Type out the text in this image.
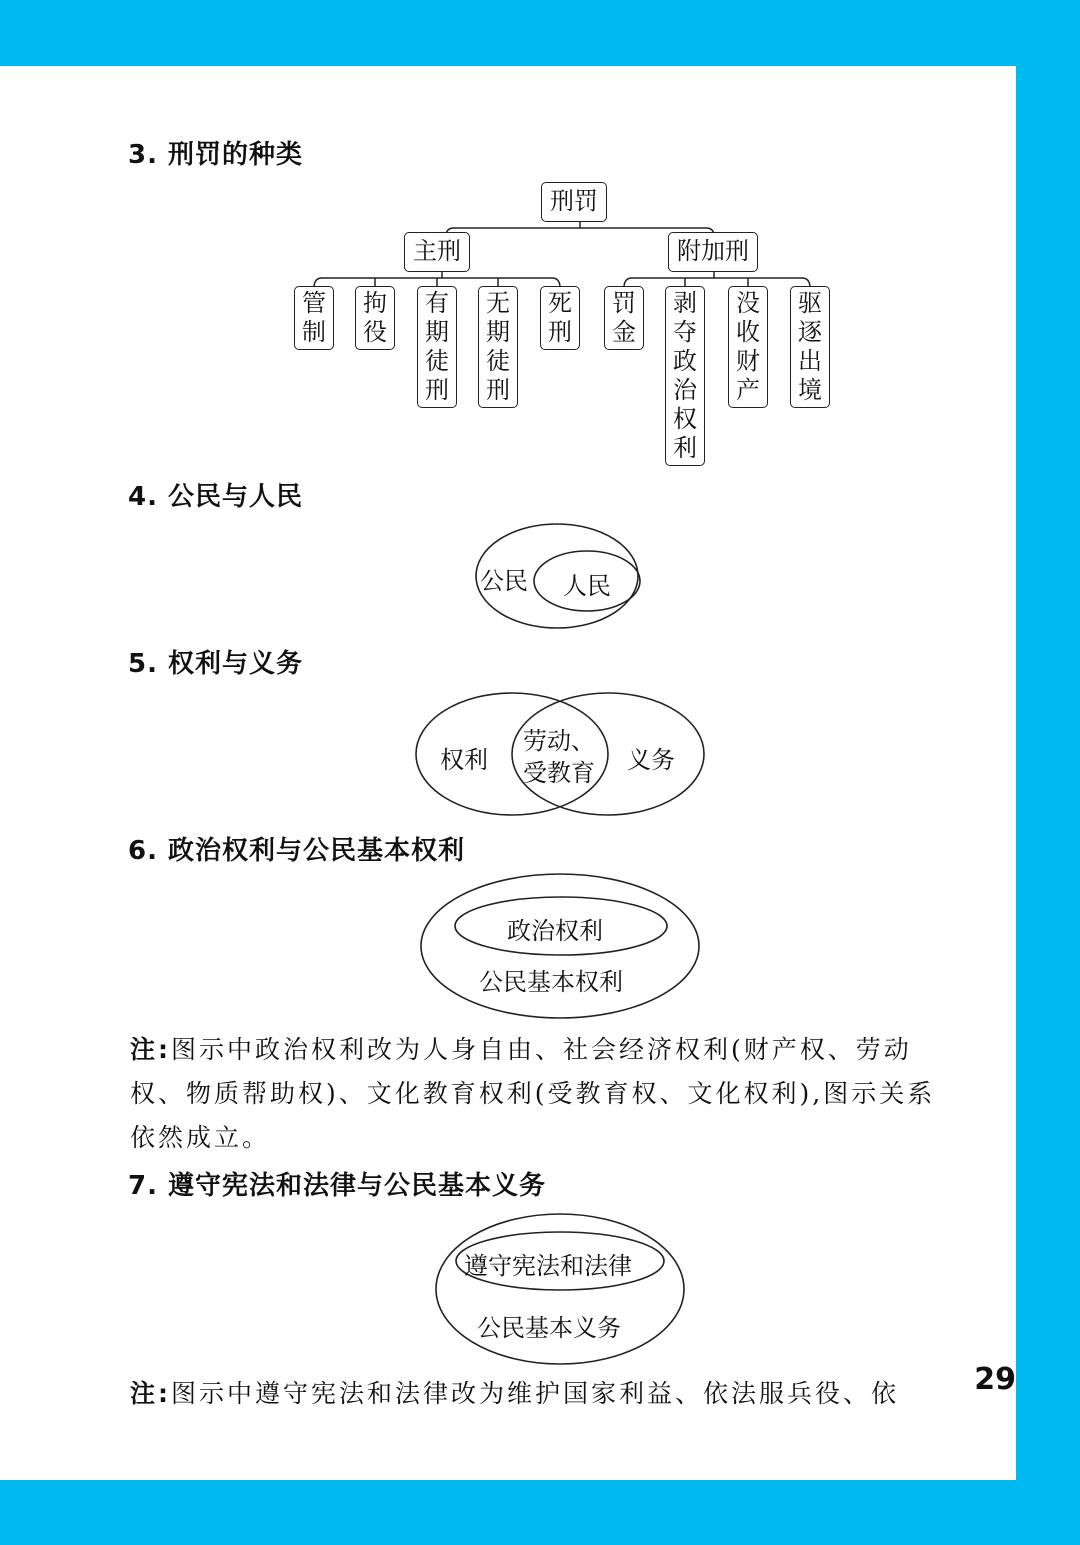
3. 刑罚的种类
刑罚
主刑	附加刑
管
制
拘
役
有
期
徒
刑
无
期
徒
刑
死
刑
罚
金
剥
夺
政
治
权
利
没
收
财
产
驱
逐
出
境
4. 公民与人民
公民 人民
5. 权利与义务
权利
劳动、
受教育 义务
6. 政治权利与公民基本权利
政治权利
公民基本权利
注:图示中政治权利改为人身自由、社会经济权利(财产权、劳动权、物质帮助权)、文化教育权利(受教育权、文化权利),图示关系依然成立。
7. 遵守宪法和法律与公民基本义务
遵守宪法和法律
公民基本义务
注:图示中遵守宪法和法律改为维护国家利益、依法服兵役、依	29
